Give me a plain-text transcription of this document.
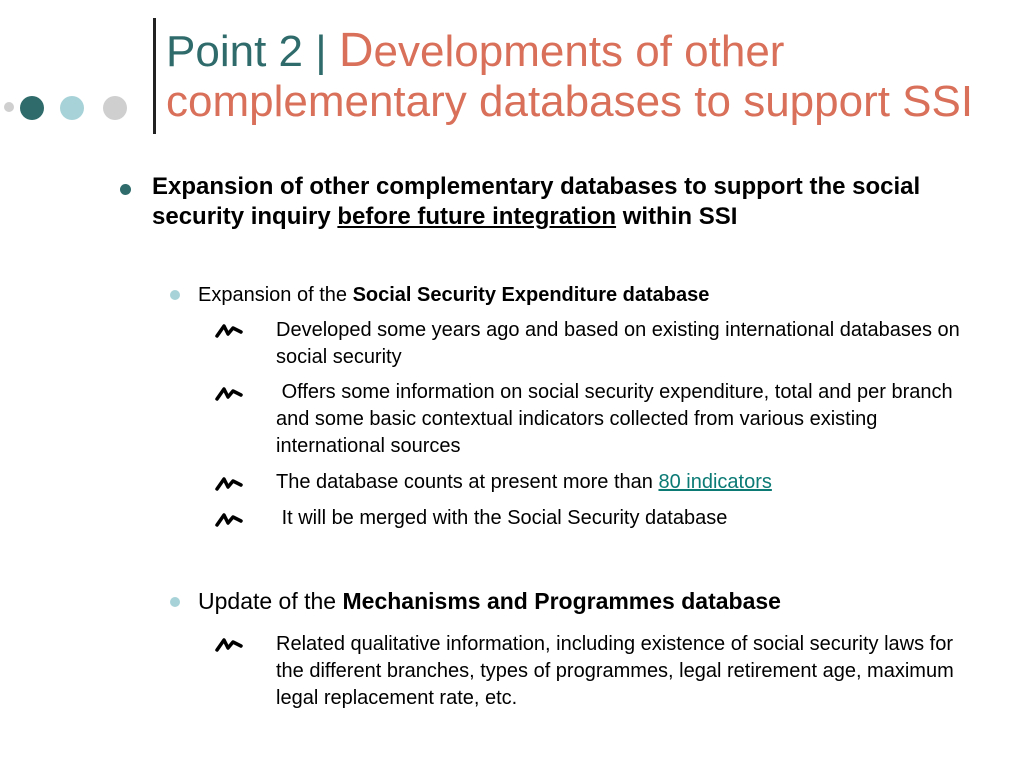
Point 2 | Developments of other
complementary databases to support SSI
Expansion of other complementary databases to support the social security inquiry before future integration within SSI
Expansion of the Social Security Expenditure database
Developed some years ago and based on existing international databases on social security
Offers some information on social security expenditure, total and per branch and some basic contextual indicators collected from various existing international sources
The database counts at present more than 80 indicators
It will be merged with the Social Security database
Update of the Mechanisms and Programmes database
Related qualitative information, including existence of social security laws for the different branches, types of programmes, legal retirement age, maximum legal replacement rate, etc.
